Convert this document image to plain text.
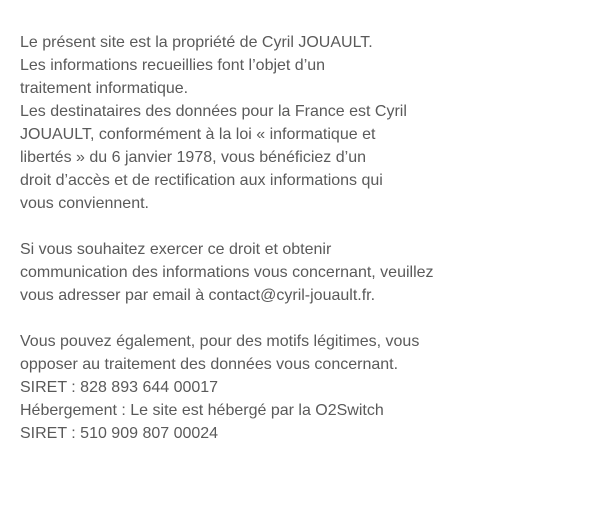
Le présent site est la propriété de Cyril JOUAULT.
Les informations recueillies font l’objet d’un
traitement informatique.
Les destinataires des données pour la France est Cyril
JOUAULT, conformément à la loi « informatique et
libertés » du 6 janvier 1978, vous bénéficiez d’un
droit d’accès et de rectification aux informations qui
vous conviennent.
Si vous souhaitez exercer ce droit et obtenir
communication des informations vous concernant, veuillez
vous adresser par email à contact@cyril-jouault.fr.
Vous pouvez également, pour des motifs légitimes, vous
opposer au traitement des données vous concernant.
SIRET : 828 893 644 00017
Hébergement : Le site est hébergé par la O2Switch
SIRET : 510 909 807 00024
